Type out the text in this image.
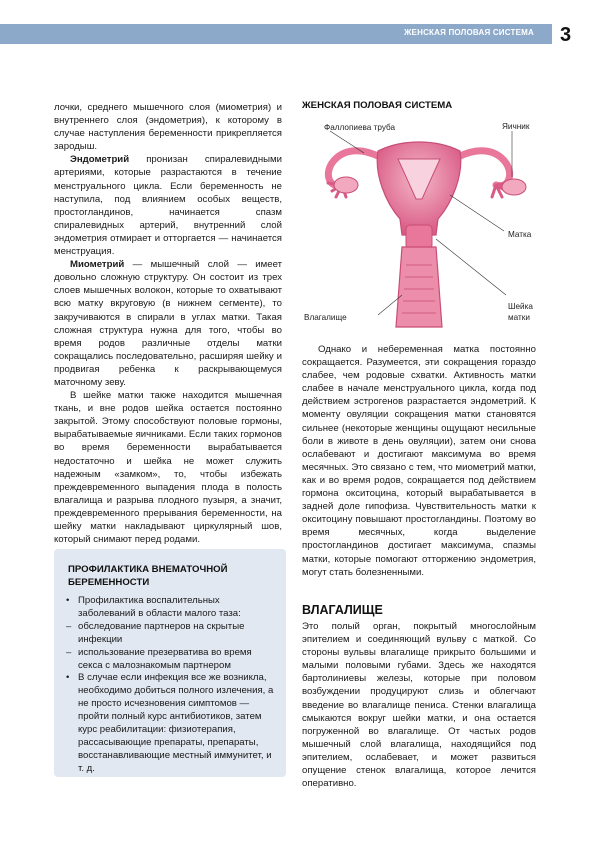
ЖЕНСКАЯ ПОЛОВАЯ СИСТЕМА 3

лочки, среднего мышечного слоя (миометрия) и внутреннего слоя (эндометрия), к которому в случае наступления беременности прикрепляется зародыш.

Эндометрий пронизан спиралевидными артериями, которые разрастаются в течение менструального цикла. Если беременность не наступила, под влиянием особых веществ, простогландинов, начинается спазм спиралевидных артерий, внутренний слой эндометрия отмирает и отторгается — начинается менструация.

Миометрий — мышечный слой — имеет довольно сложную структуру. Он состоит из трех слоев мышечных волокон, которые то охватывают всю матку вкруговую (в нижнем сегменте), то закручиваются в спирали в углах матки. Такая сложная структура нужна для того, чтобы во время родов различные отделы матки сокращались последовательно, расширяя шейку и продвигая ребенка к раскрывающемуся маточному зеву.

В шейке матки также находится мышечная ткань, и вне родов шейка остается постоянно закрытой. Этому способствуют половые гормоны, вырабатываемые яичниками. Если таких гормонов во время беременности вырабатывается недостаточно и шейка не может служить надежным «замком», то, чтобы избежать преждевременного выпадения плода в полость влагалища и разрыва плодного пузыря, а значит, преждевременного прерывания беременности, на шейку матки накладывают циркулярный шов, который снимают перед родами.

ЖЕНСКАЯ ПОЛОВАЯ СИСТЕМА
Фаллопиева труба	Яичник
Матка
Шейка
матки
Влагалище

Однако и небеременная матка постоянно сокращается. Разумеется, эти сокращения гораздо слабее, чем родовые схватки. Активность матки слабее в начале менструального цикла, когда под действием эстрогенов разрастается эндометрий. К моменту овуляции сокращения матки становятся сильнее (некоторые женщины ощущают несильные боли в животе в день овуляции), затем они снова ослабевают и достигают максимума во время месячных. Это связано с тем, что миометрий матки, как и во время родов, сокращается под действием гормона окситоцина, который вырабатывается в задней доле гипофиза. Чувствительность матки к окситоцину повышают простогландины. Поэтому во время месячных, когда выделение простогландинов достигает максимума, спазмы матки, которые помогают отторжению эндометрия, могут стать болезненными.

ВЛАГАЛИЩЕ

Это полый орган, покрытый многослойным эпителием и соединяющий вульву с маткой. Со стороны вульвы влагалище прикрыто большими и малыми половыми губами. Здесь же находятся бартолиниевы железы, которые при половом возбуждении продуцируют слизь и облегчают введение во влагалище пениса. Стенки влагалища смыкаются вокруг шейки матки, и она остается погруженной во влагалище. От частых родов мышечный слой влагалища, находящийся под эпителием, ослабевает, и может развиться опущение стенок влагалища, которое лечится оперативно.

ПРОФИЛАКТИКА ВНЕМАТОЧНОЙ БЕРЕМЕННОСТИ
• Профилактика воспалительных заболеваний в области малого таза:
– обследование партнеров на скрытые инфекции
– использование презерватива во время секса с малознакомым партнером
• В случае если инфекция все же возникла, необходимо добиться полного излечения, а не просто исчезновения симптомов — пройти полный курс антибиотиков, затем курс реабилитации: физиотерапия, рассасывающие препараты, препараты, восстанавливающие местный иммунитет, и т. д.
